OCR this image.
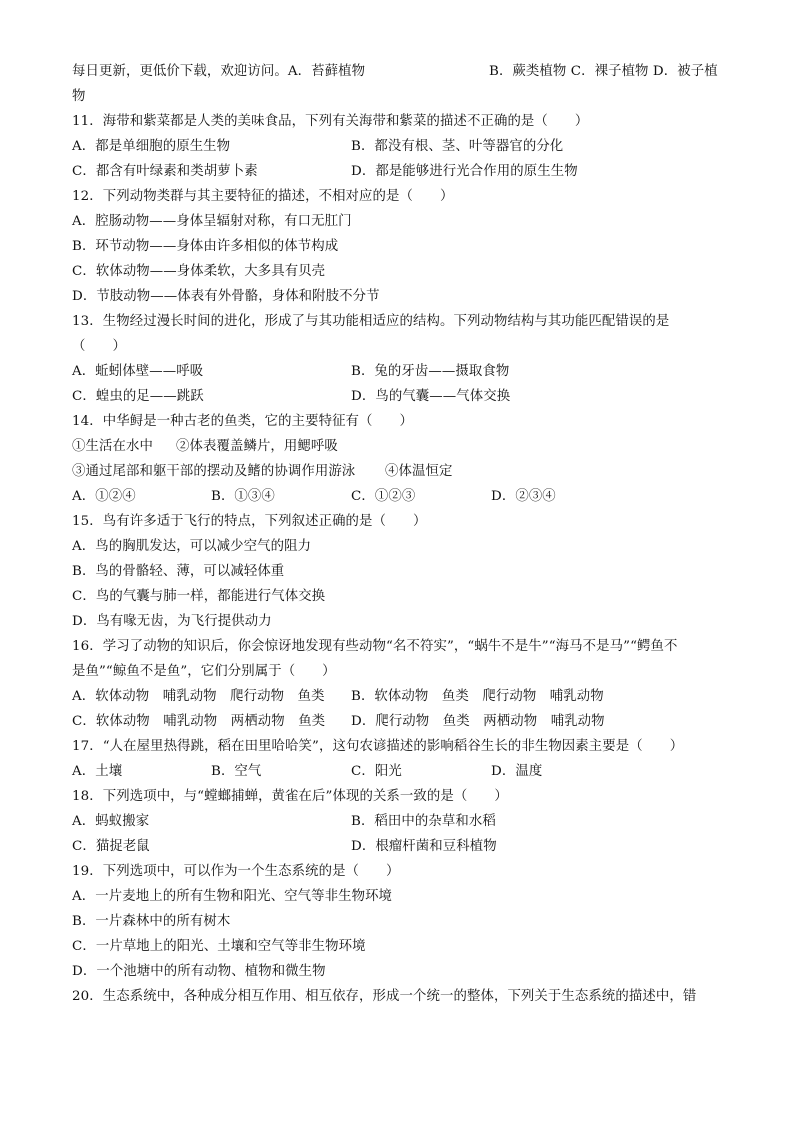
每日更新，更低价下载，欢迎访问。A．苔藓植物	B．蕨类植物 C．裸子植物 D．被子植
物
11．海带和紫菜都是人类的美味食品，下列有关海带和紫菜的描述不正确的是（　　）
A．都是单细胞的原生生物	B．都没有根、茎、叶等器官的分化
C．都含有叶绿素和类胡萝卜素	D．都是能够进行光合作用的原生生物
12．下列动物类群与其主要特征的描述，不相对应的是（　　）
A．腔肠动物——身体呈辐射对称，有口无肛门
B．环节动物——身体由许多相似的体节构成
C．软体动物——身体柔软，大多具有贝壳
D．节肢动物——体表有外骨骼，身体和附肢不分节
13．生物经过漫长时间的进化，形成了与其功能相适应的结构。下列动物结构与其功能匹配错误的是
（　　）
A．蚯蚓体壁——呼吸	B．兔的牙齿——摄取食物
C．蝗虫的足——跳跃	D．鸟的气囊——气体交换
14．中华鲟是一种古老的鱼类，它的主要特征有（　　）
①生活在水中 ②体表覆盖鳞片，用鳃呼吸
③通过尾部和躯干部的摆动及鳍的协调作用游泳 ④体温恒定
A．①②④	B．①③④	C．①②③	D．②③④
15．鸟有许多适于飞行的特点，下列叙述正确的是（　　）
A．鸟的胸肌发达，可以减少空气的阻力
B．鸟的骨骼轻、薄，可以减轻体重
C．鸟的气囊与肺一样，都能进行气体交换
D．鸟有喙无齿，为飞行提供动力
16．学习了动物的知识后，你会惊讶地发现有些动物“名不符实”，“蜗牛不是牛”“海马不是马”“鳄鱼不
是鱼”“鲸鱼不是鱼”，它们分别属于（　　）
A．软体动物　哺乳动物　爬行动物　鱼类 B．软体动物　鱼类　爬行动物　哺乳动物
C．软体动物　哺乳动物　两栖动物　鱼类 D．爬行动物　鱼类　两栖动物　哺乳动物
17．“人在屋里热得跳，稻在田里哈哈笑”，这句农谚描述的影响稻谷生长的非生物因素主要是（　　）
A．土壤	B．空气	C．阳光	D．温度
18．下列选项中，与“螳螂捕蝉，黄雀在后”体现的关系一致的是（　　）
A．蚂蚁搬家	B．稻田中的杂草和水稻
C．猫捉老鼠	D．根瘤杆菌和豆科植物
19．下列选项中，可以作为一个生态系统的是（　　）
A．一片麦地上的所有生物和阳光、空气等非生物环境
B．一片森林中的所有树木
C．一片草地上的阳光、土壤和空气等非生物环境
D．一个池塘中的所有动物、植物和微生物
20．生态系统中，各种成分相互作用、相互依存，形成一个统一的整体，下列关于生态系统的描述中，错
